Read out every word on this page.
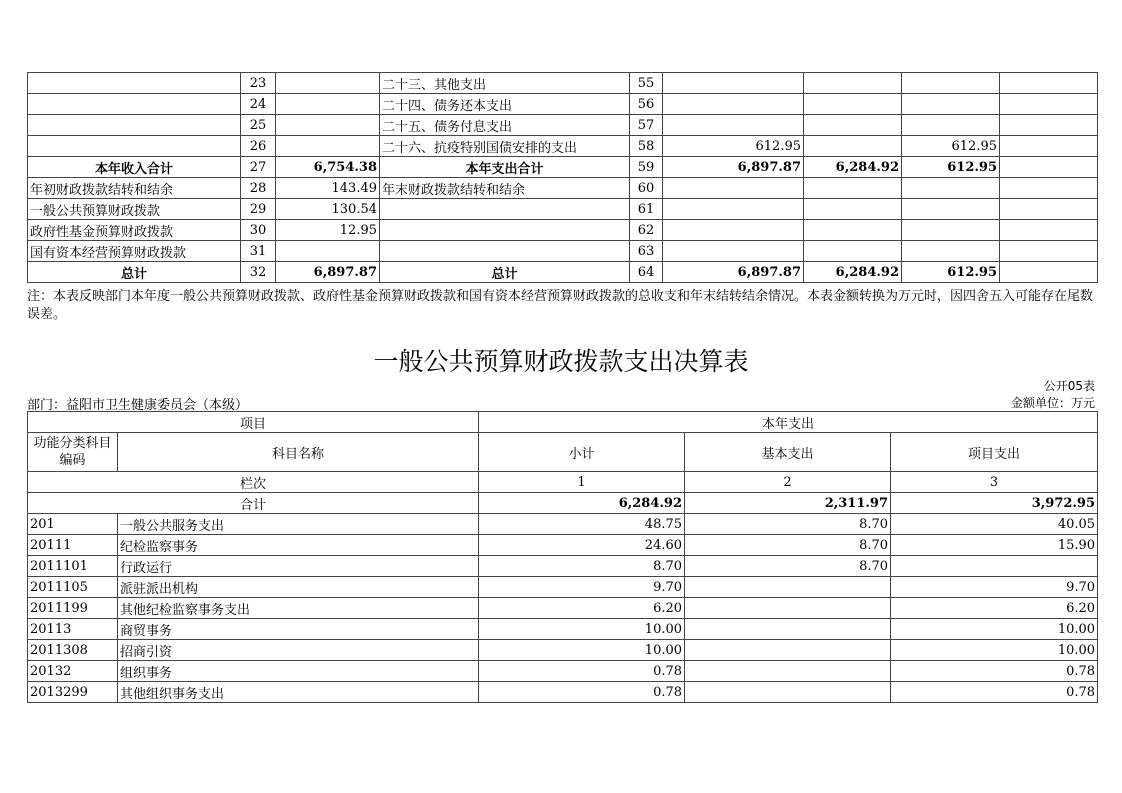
	23		二十三、其他支出	55				
	24		二十四、债务还本支出	56				
	25		二十五、债务付息支出	57				
	26		二十六、抗疫特别国债安排的支出	58	612.95		612.95	
本年收入合计	27	6,754.38	本年支出合计	59	6,897.87	6,284.92	612.95	
年初财政拨款结转和结余	28	143.49	年末财政拨款结转和结余	60				
一般公共预算财政拨款	29	130.54		61				
政府性基金预算财政拨款	30	12.95		62				
国有资本经营预算财政拨款	31			63				
总计	32	6,897.87	总计	64	6,897.87	6,284.92	612.95	
注：本表反映部门本年度一般公共预算财政拨款、政府性基金预算财政拨款和国有资本经营预算财政拨款的总收支和年末结转结余情况。本表金额转换为万元时，因四舍五入可能存在尾数误差。
一般公共预算财政拨款支出决算表
公开05表
部门：益阳市卫生健康委员会（本级）	金额单位：万元
项目		本年支出		
功能分类科目编码	科目名称	小计	基本支出	项目支出
栏次		1	2	3
合计		6,284.92	2,311.97	3,972.95
201	一般公共服务支出	48.75	8.70	40.05
20111	纪检监察事务	24.60	8.70	15.90
2011101	行政运行	8.70	8.70	
2011105	派驻派出机构	9.70		9.70
2011199	其他纪检监察事务支出	6.20		6.20
20113	商贸事务	10.00		10.00
2011308	招商引资	10.00		10.00
20132	组织事务	0.78		0.78
2013299	其他组织事务支出	0.78		0.78
